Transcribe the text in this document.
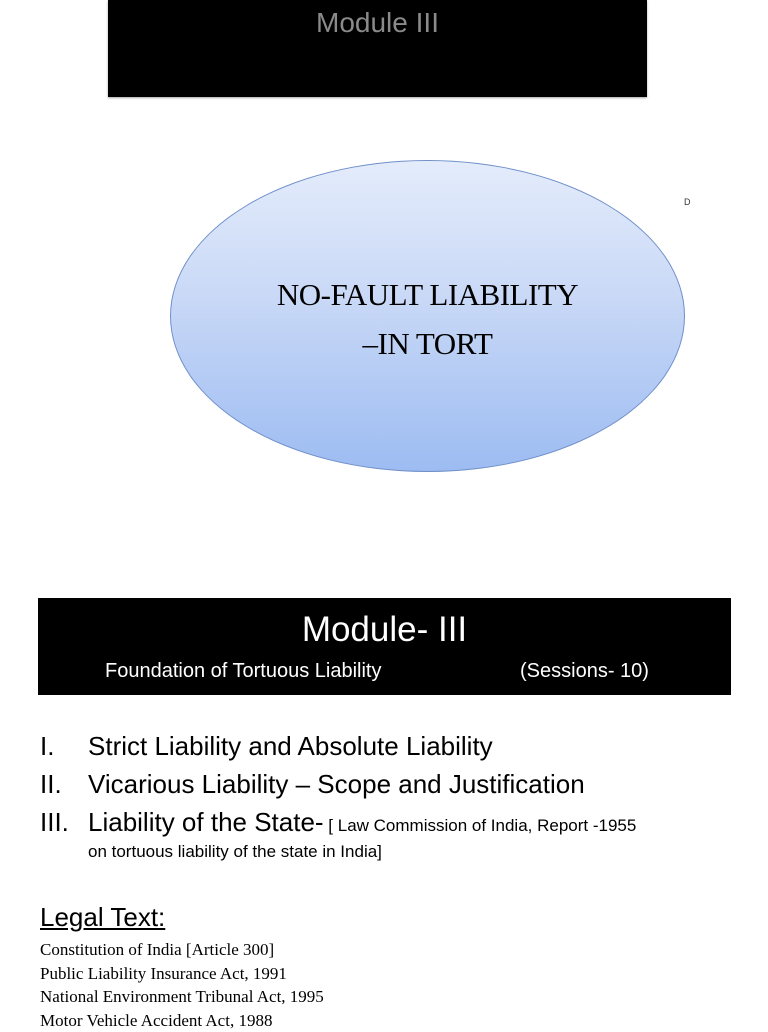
Module III
NO-FAULT LIABILITY
–IN TORT
D
Module- III
Foundation of Tortuous Liability	(Sessions- 10)
I. Strict Liability and Absolute Liability
II. Vicarious Liability – Scope and Justification
III. Liability of the State- [ Law Commission of India, Report -1955
on tortuous liability of the state in India]
Legal Text:
Constitution of India [Article 300]
Public Liability Insurance Act, 1991
National Environment Tribunal Act, 1995
Motor Vehicle Accident Act, 1988
